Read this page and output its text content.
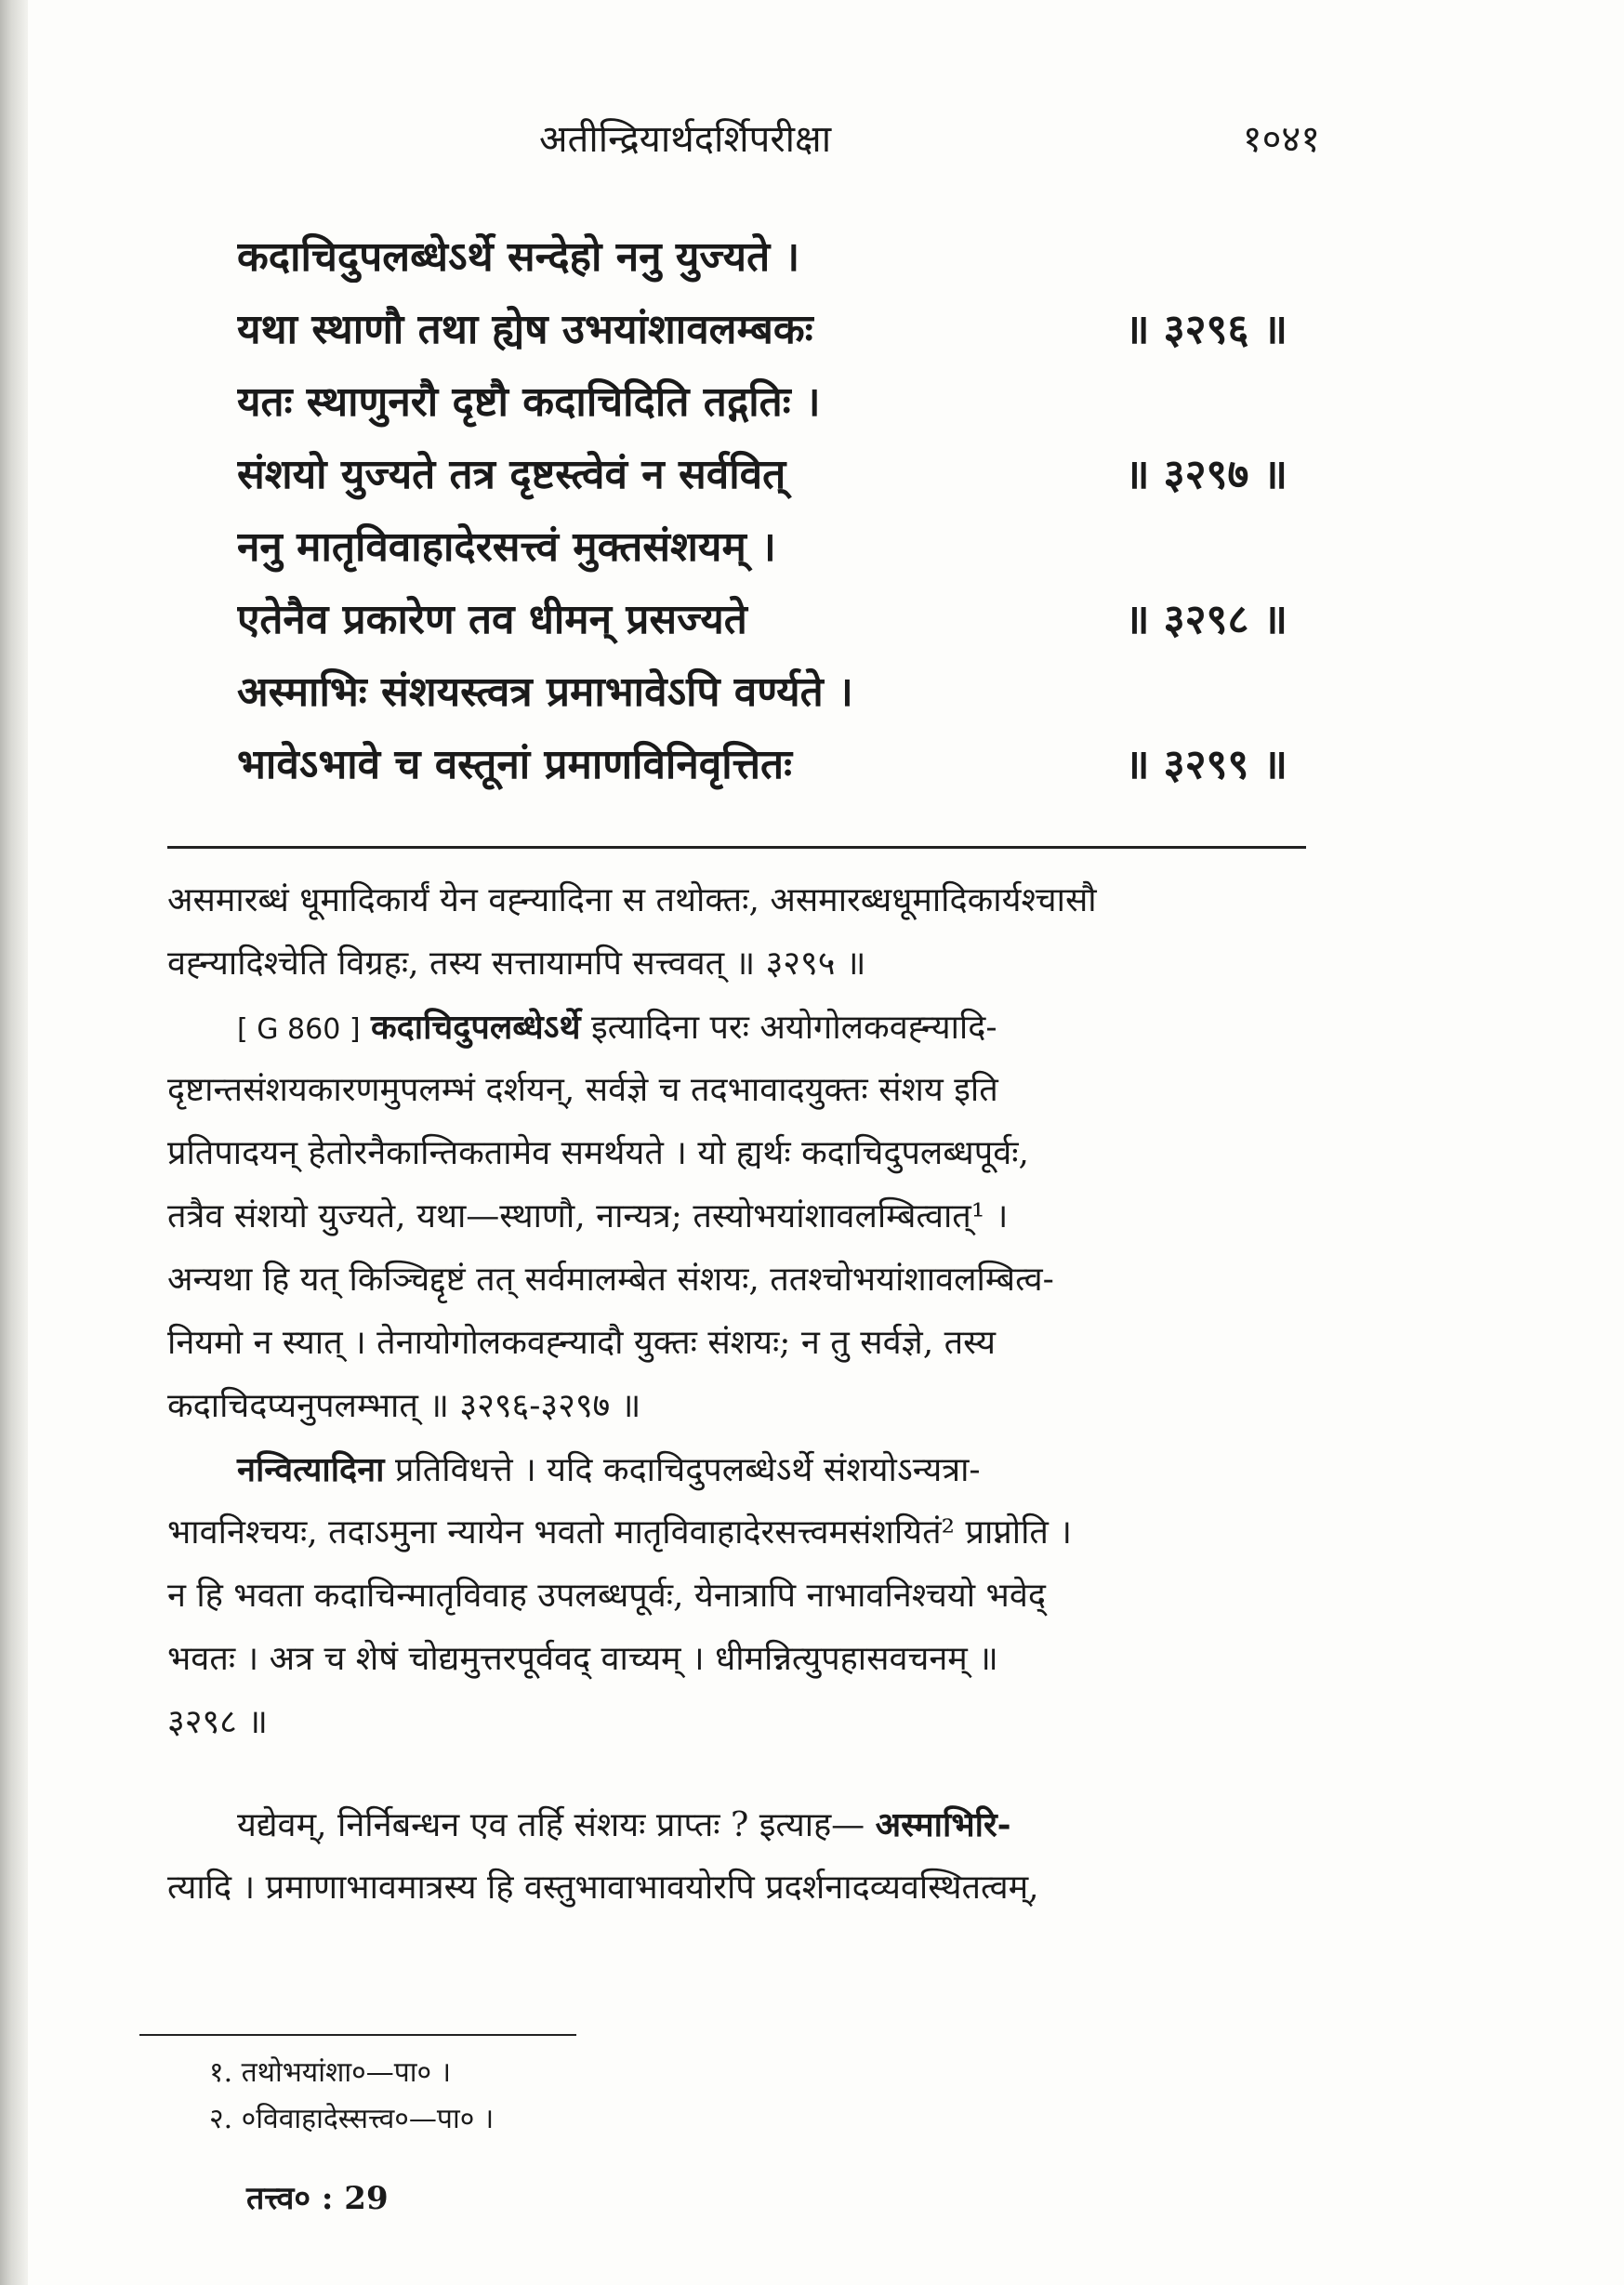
अतीन्द्रियार्थदर्शिपरीक्षा	१०४१
कदाचिदुपलब्धेऽर्थे सन्देहो ननु युज्यते ।
यथा स्थाणौ तथा ह्येष उभयांशावलम्बकः	॥ ३२९६ ॥
यतः स्थाणुनरौ दृष्टौ कदाचिदिति तद्गतिः ।
संशयो युज्यते तत्र दृष्टस्त्वेवं न सर्ववित्	॥ ३२९७ ॥
ननु मातृविवाहादेरसत्त्वं मुक्तसंशयम् ।
एतेनैव प्रकारेण तव धीमन् प्रसज्यते	॥ ३२९८ ॥
अस्माभिः संशयस्त्वत्र प्रमाभावेऽपि वर्ण्यते ।
भावेऽभावे च वस्तूनां प्रमाणविनिवृत्तितः	॥ ३२९९ ॥
असमारब्धं धूमादिकार्यं येन वह्न्यादिना स तथोक्तः, असमारब्धधूमादिकार्यश्चासौ
वह्न्यादिश्चेति विग्रहः, तस्य सत्तायामपि सत्त्ववत् ॥ ३२९५ ॥
[ G 860 ] कदाचिदुपलब्धेऽर्थे इत्यादिना परः अयोगोलकवह्न्यादि-
दृष्टान्तसंशयकारणमुपलम्भं दर्शयन्, सर्वज्ञे च तदभावादयुक्तः संशय इति
प्रतिपादयन् हेतोरनैकान्तिकतामेव समर्थयते । यो ह्यर्थः कदाचिदुपलब्धपूर्वः,
तत्रैव संशयो युज्यते, यथा—स्थाणौ, नान्यत्र; तस्योभयांशावलम्बित्वात्¹ ।
अन्यथा हि यत् किञ्चिद्दृष्टं तत् सर्वमालम्बेत संशयः, ततश्चोभयांशावलम्बित्व-
नियमो न स्यात् । तेनायोगोलकवह्न्यादौ युक्तः संशयः; न तु सर्वज्ञे, तस्य
कदाचिदप्यनुपलम्भात् ॥ ३२९६-३२९७ ॥
नन्वित्यादिना प्रतिविधत्ते । यदि कदाचिदुपलब्धेऽर्थे संशयोऽन्यत्रा-
भावनिश्चयः, तदाऽमुना न्यायेन भवतो मातृविवाहादेरसत्त्वमसंशयितं² प्राप्नोति ।
न हि भवता कदाचिन्मातृविवाह उपलब्धपूर्वः, येनात्रापि नाभावनिश्चयो भवेद्
भवतः । अत्र च शेषं चोद्यमुत्तरपूर्ववद् वाच्यम् । धीमन्नित्युपहासवचनम् ॥
३२९८ ॥
यद्येवम्, निर्निबन्धन एव तर्हि संशयः प्राप्तः ? इत्याह— अस्माभिरि-
त्यादि । प्रमाणाभावमात्रस्य हि वस्तुभावाभावयोरपि प्रदर्शनादव्यवस्थितत्वम्,
१. तथोभयांशा०—पा० ।
२. ०विवाहादेस्सत्त्व०—पा० ।
तत्त्व० : 29
